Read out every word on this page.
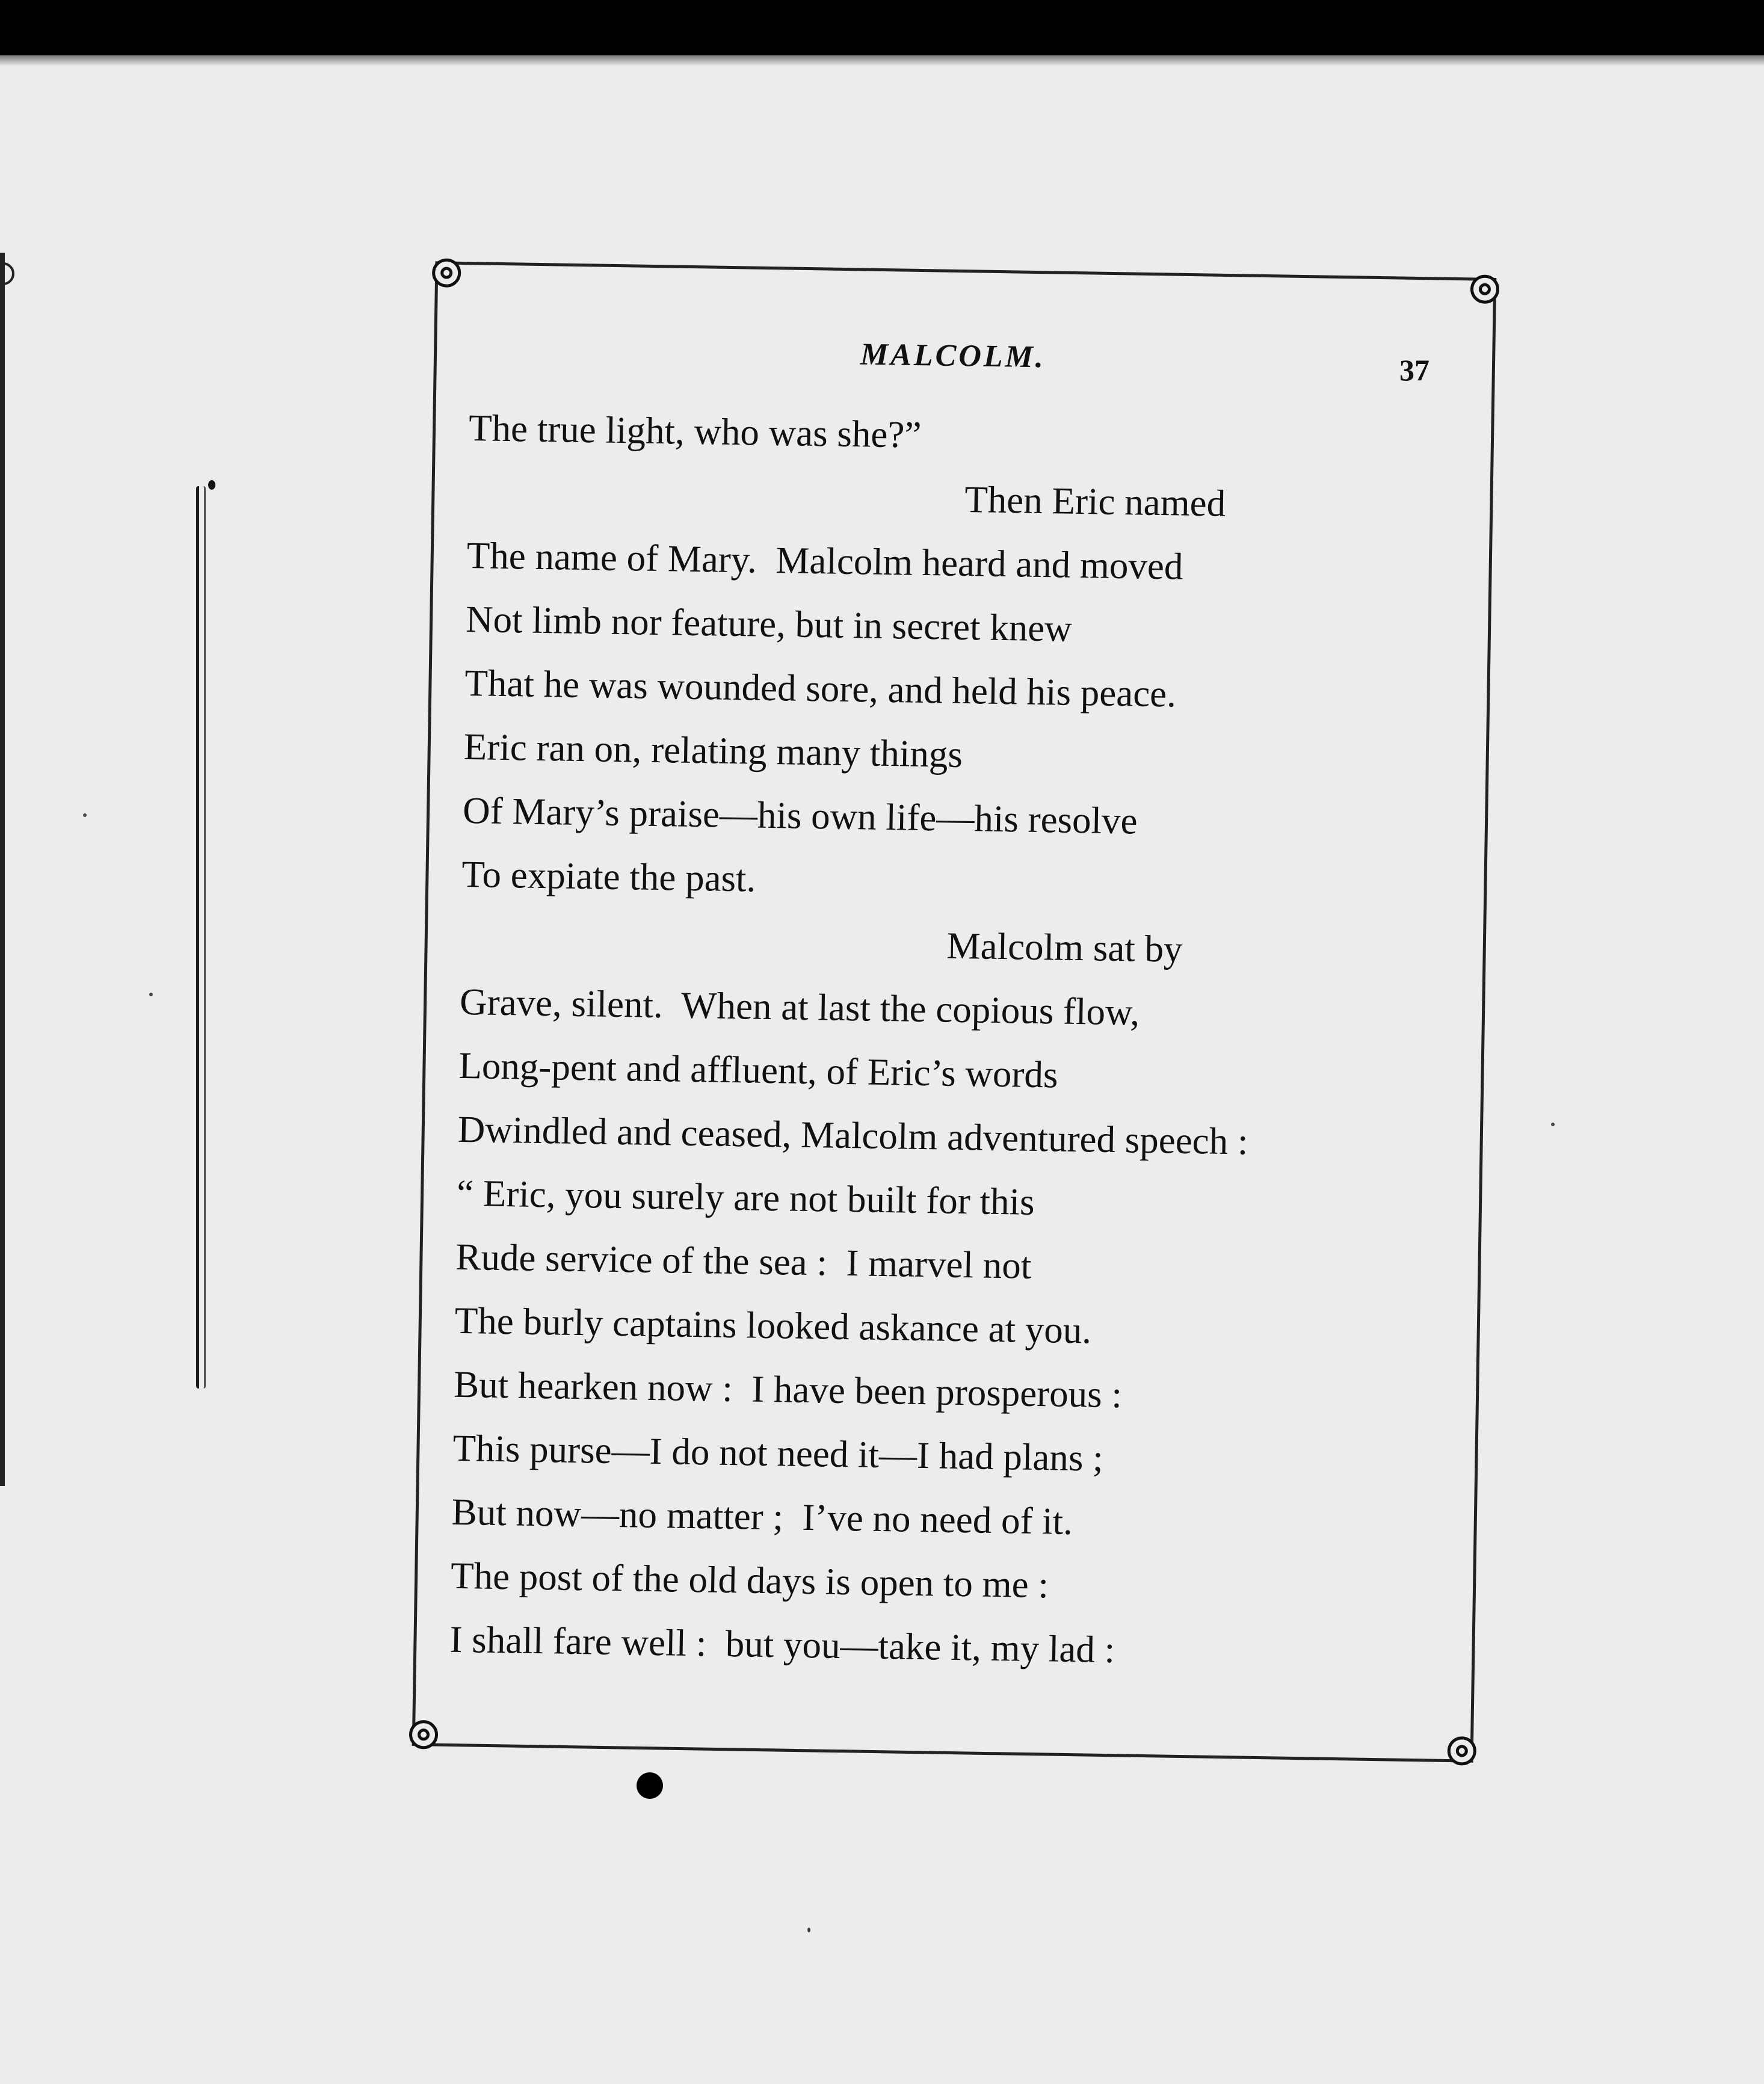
MALCOLM.	37
The true light, who was she?”
Then Eric named
The name of Mary.  Malcolm heard and moved
Not limb nor feature, but in secret knew
That he was wounded sore, and held his peace.
Eric ran on, relating many things
Of Mary’s praise—his own life—his resolve
To expiate the past.
Malcolm sat by
Grave, silent.  When at last the copious flow,
Long-pent and affluent, of Eric’s words
Dwindled and ceased, Malcolm adventured speech :
“ Eric, you surely are not built for this
Rude service of the sea :  I marvel not
The burly captains looked askance at you.
But hearken now :  I have been prosperous :
This purse—I do not need it—I had plans ;
But now—no matter ;  I’ve no need of it.
The post of the old days is open to me :
I shall fare well :  but you—take it, my lad :
